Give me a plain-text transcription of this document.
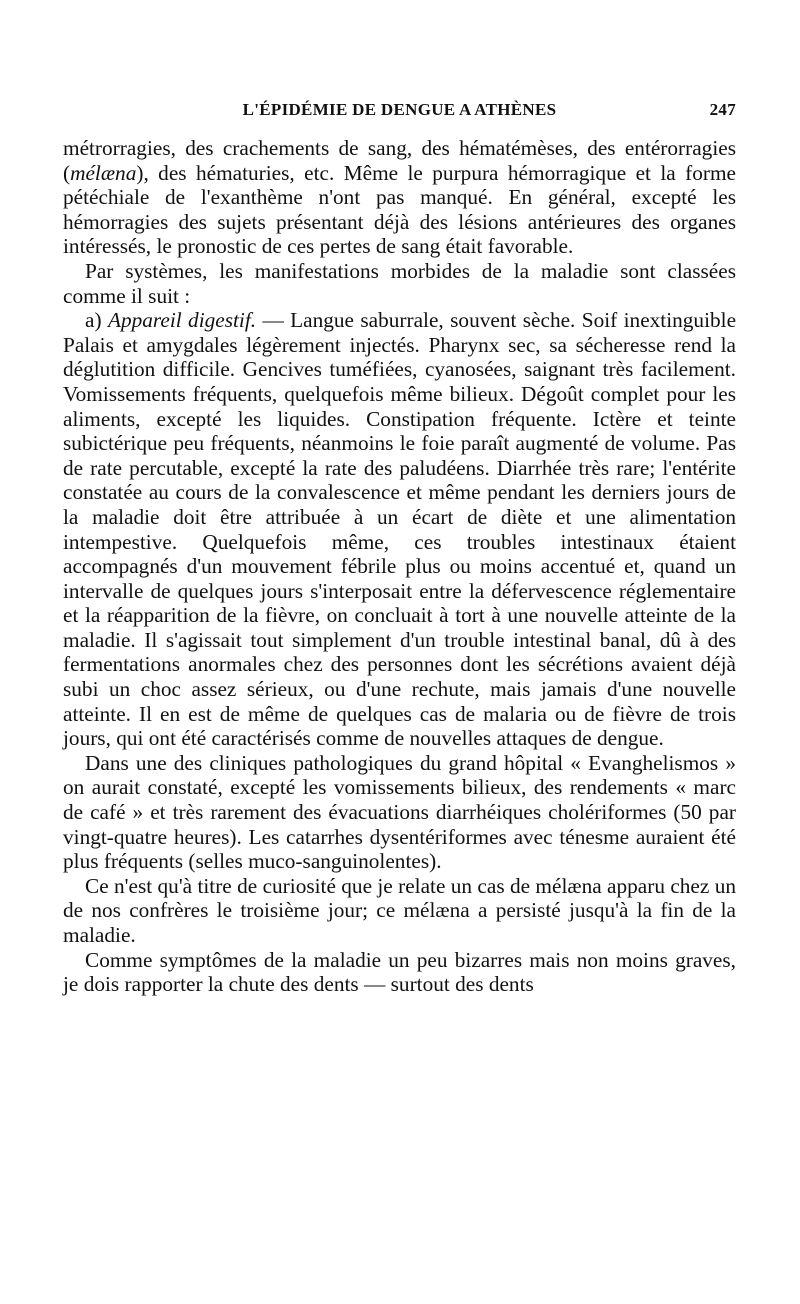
L'ÉPIDÉMIE DE DENGUE A ATHÈNES	247

métrorragies, des crachements de sang, des hématémèses, des entérorragies (mélæna), des hématuries, etc. Même le purpura hémorragique et la forme pétéchiale de l'exanthème n'ont pas manqué. En général, excepté les hémorragies des sujets présentant déjà des lésions antérieures des organes intéressés, le pronostic de ces pertes de sang était favorable.

Par systèmes, les manifestations morbides de la maladie sont classées comme il suit :

a) Appareil digestif. — Langue saburrale, souvent sèche. Soif inextinguible Palais et amygdales légèrement injectés. Pharynx sec, sa sécheresse rend la déglutition difficile. Gencives tuméfiées, cyanosées, saignant très facilement. Vomissements fréquents, quelquefois même bilieux. Dégoût complet pour les aliments, excepté les liquides. Constipation fréquente. Ictère et teinte subictérique peu fréquents, néanmoins le foie paraît augmenté de volume. Pas de rate percutable, excepté la rate des paludéens. Diarrhée très rare; l'entérite constatée au cours de la convalescence et même pendant les derniers jours de la maladie doit être attribuée à un écart de diète et une alimentation intempestive. Quelquefois même, ces troubles intestinaux étaient accompagnés d'un mouvement fébrile plus ou moins accentué et, quand un intervalle de quelques jours s'interposait entre la défervescence réglementaire et la réapparition de la fièvre, on concluait à tort à une nouvelle atteinte de la maladie. Il s'agissait tout simplement d'un trouble intestinal banal, dû à des fermentations anormales chez des personnes dont les sécrétions avaient déjà subi un choc assez sérieux, ou d'une rechute, mais jamais d'une nouvelle atteinte. Il en est de même de quelques cas de malaria ou de fièvre de trois jours, qui ont été caractérisés comme de nouvelles attaques de dengue.

Dans une des cliniques pathologiques du grand hôpital « Evanghelismos » on aurait constaté, excepté les vomissements bilieux, des rendements « marc de café » et très rarement des évacuations diarrhéiques cholériformes (50 par vingt-quatre heures). Les catarrhes dysentériformes avec ténesme auraient été plus fréquents (selles muco-sanguinolentes).

Ce n'est qu'à titre de curiosité que je relate un cas de mélæna apparu chez un de nos confrères le troisième jour; ce mélæna a persisté jusqu'à la fin de la maladie.

Comme symptômes de la maladie un peu bizarres mais non moins graves, je dois rapporter la chute des dents — surtout des dents
